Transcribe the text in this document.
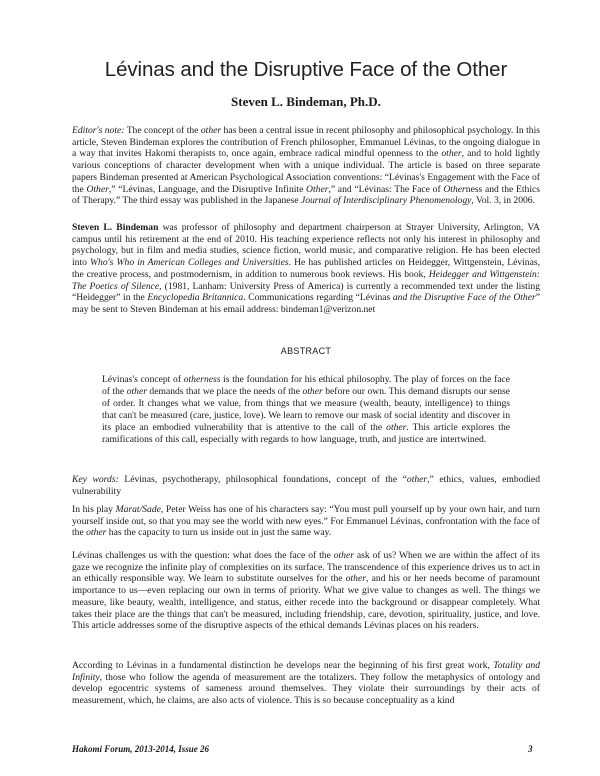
Lévinas and the Disruptive Face of the Other
Steven L. Bindeman, Ph.D.

Editor's note: The concept of the other has been a central issue in recent philosophy and philosophical psychology. In this article, Steven Bindeman explores the contribution of French philosopher, Emmanuel Lévinas, to the ongoing dialogue in a way that invites Hakomi therapists to, once again, embrace radical mindful openness to the other, and to hold lightly various conceptions of character development when with a unique individual. The article is based on three separate papers Bindeman presented at American Psychological Association conventions: “Lévinas's Engagement with the Face of the Other,” “Lévinas, Language, and the Disruptive Infinite Other,” and “Lévinas: The Face of Otherness and the Ethics of Therapy.” The third essay was published in the Japanese Journal of Interdisciplinary Phenomenology, Vol. 3, in 2006.

Steven L. Bindeman was professor of philosophy and department chairperson at Strayer University, Arlington, VA campus until his retirement at the end of 2010. His teaching experience reflects not only his interest in philosophy and psychology, but in film and media studies, science fiction, world music, and comparative religion. He has been elected into Who's Who in American Colleges and Universities. He has published articles on Heidegger, Wittgenstein, Lévinas, the creative process, and postmodernism, in addition to numerous book reviews. His book, Heidegger and Wittgenstein: The Poetics of Silence, (1981, Lanham: University Press of America) is currently a recommended text under the listing “Heidegger” in the Encyclopedia Britannica. Communications regarding “Lévinas and the Disruptive Face of the Other” may be sent to Steven Bindeman at his email address: bindeman1@verizon.net

ABSTRACT

Lévinas's concept of otherness is the foundation for his ethical philosophy. The play of forces on the face of the other demands that we place the needs of the other before our own. This demand disrupts our sense of order. It changes what we value, from things that we measure (wealth, beauty, intelligence) to things that can't be measured (care, justice, love). We learn to remove our mask of social identity and discover in its place an embodied vulnerability that is attentive to the call of the other. This article explores the ramifications of this call, especially with regards to how language, truth, and justice are intertwined.

Key words: Lévinas, psychotherapy, philosophical foundations, concept of the “other,” ethics, values, embodied vulnerability

In his play Marat/Sade, Peter Weiss has one of his characters say: “You must pull yourself up by your own hair, and turn yourself inside out, so that you may see the world with new eyes.” For Emmanuel Lévinas, confrontation with the face of the other has the capacity to turn us inside out in just the same way.

Lévinas challenges us with the question: what does the face of the other ask of us? When we are within the affect of its gaze we recognize the infinite play of complexities on its surface. The transcendence of this experience drives us to act in an ethically responsible way. We learn to substitute ourselves for the other, and his or her needs become of paramount importance to us—even replacing our own in terms of priority. What we give value to changes as well. The things we measure, like beauty, wealth, intelligence, and status, either recede into the background or disappear completely. What takes their place are the things that can't be measured, including friendship, care, devotion, spirituality, justice, and love. This article addresses some of the disruptive aspects of the ethical demands Lévinas places on his readers.

According to Lévinas in a fundamental distinction he develops near the beginning of his first great work, Totality and Infinity, those who follow the agenda of measurement are the totalizers. They follow the metaphysics of ontology and develop egocentric systems of sameness around themselves. They violate their surroundings by their acts of measurement, which, he claims, are also acts of violence. This is so because conceptuality as a kind

Hakomi Forum, 2013-2014, Issue 26	3
